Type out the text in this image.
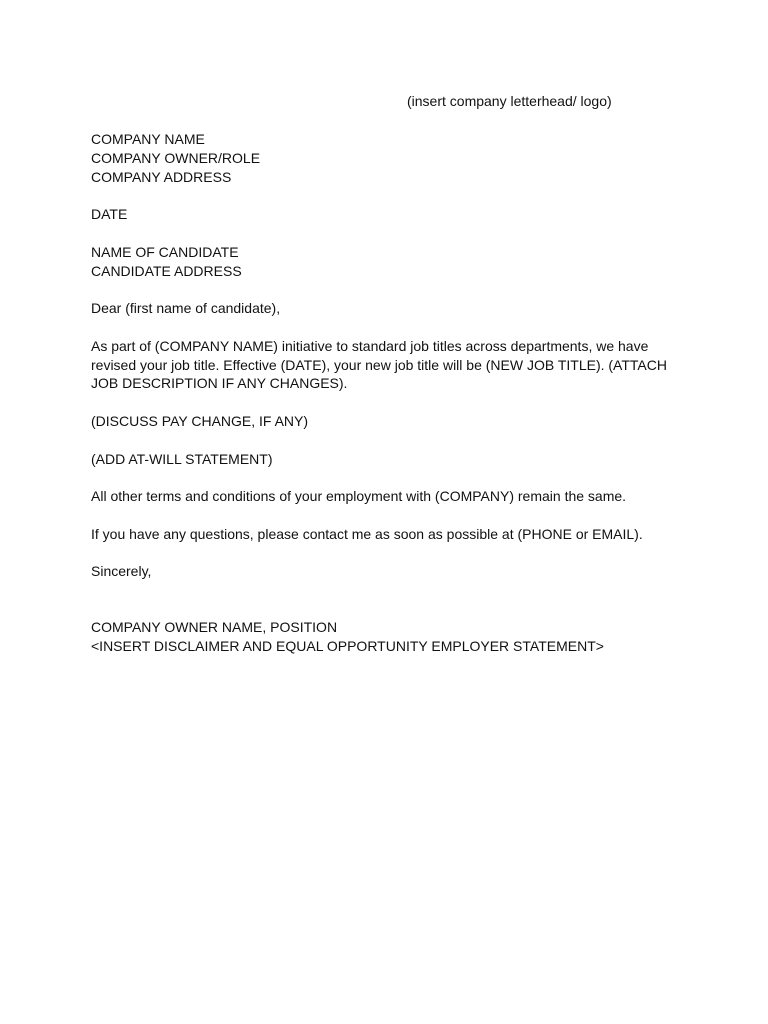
(insert company letterhead/ logo)
COMPANY NAME
COMPANY OWNER/ROLE
COMPANY ADDRESS
DATE
NAME OF CANDIDATE
CANDIDATE ADDRESS
Dear (first name of candidate),
As part of (COMPANY NAME) initiative to standard job titles across departments, we have revised your job title. Effective (DATE), your new job title will be (NEW JOB TITLE). (ATTACH JOB DESCRIPTION IF ANY CHANGES).
(DISCUSS PAY CHANGE, IF ANY)
(ADD AT-WILL STATEMENT)
All other terms and conditions of your employment with (COMPANY) remain the same.
If you have any questions, please contact me as soon as possible at (PHONE or EMAIL).
Sincerely,
COMPANY OWNER NAME, POSITION
<INSERT DISCLAIMER AND EQUAL OPPORTUNITY EMPLOYER STATEMENT>
